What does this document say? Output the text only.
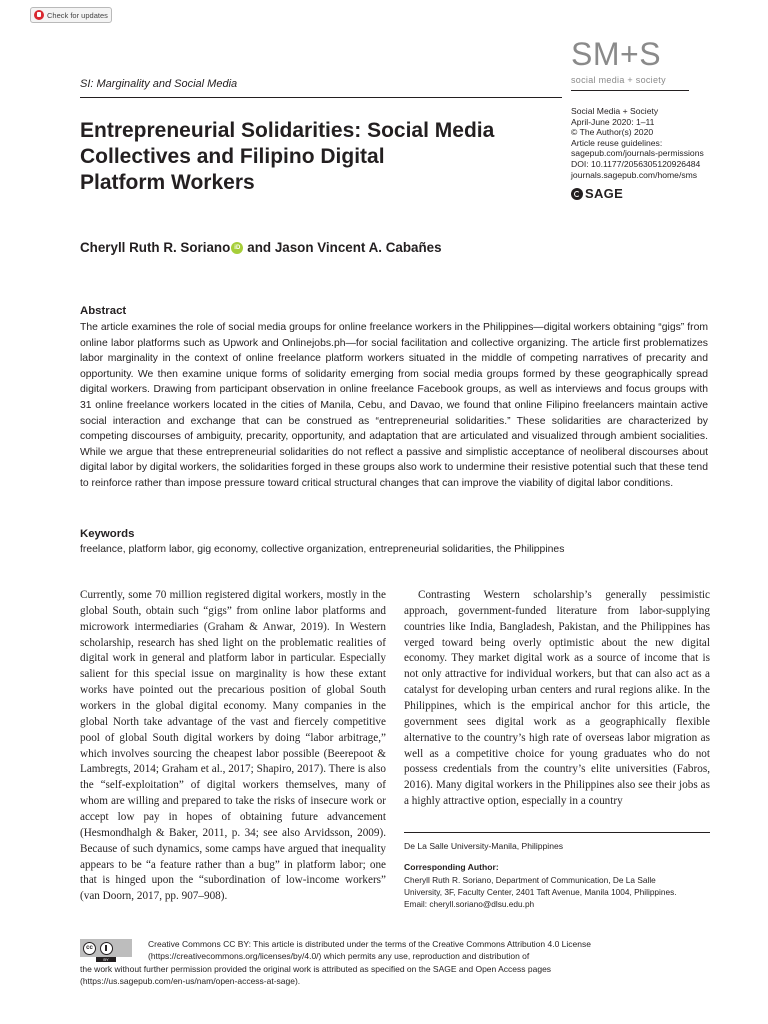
Check for updates
SM+S
social media + society
SI: Marginality and Social Media
Entrepreneurial Solidarities: Social Media
Collectives and Filipino Digital
Platform Workers
Social Media + Society
April-June 2020: 1–11
© The Author(s) 2020
Article reuse guidelines:
sagepub.com/journals-permissions
DOI: 10.1177/2056305120926484
journals.sagepub.com/home/sms
SAGE
Cheryll Ruth R. Soriano iD and Jason Vincent A. Cabañes
Abstract
The article examines the role of social media groups for online freelance workers in the Philippines—digital workers obtaining “gigs” from online labor platforms such as Upwork and Onlinejobs.ph—for social facilitation and collective organizing. The article first problematizes labor marginality in the context of online freelance platform workers situated in the middle of competing narratives of precarity and opportunity. We then examine unique forms of solidarity emerging from social media groups formed by these geographically spread digital workers. Drawing from participant observation in online freelance Facebook groups, as well as interviews and focus groups with 31 online freelance workers located in the cities of Manila, Cebu, and Davao, we found that online Filipino freelancers maintain active social interaction and exchange that can be construed as “entrepreneurial solidarities.” These solidarities are characterized by competing discourses of ambiguity, precarity, opportunity, and adaptation that are articulated and visualized through ambient socialities. While we argue that these entrepreneurial solidarities do not reflect a passive and simplistic acceptance of neoliberal discourses about digital labor by digital workers, the solidarities forged in these groups also work to undermine their resistive potential such that these tend to reinforce rather than impose pressure toward critical structural changes that can improve the viability of digital labor conditions.
Keywords
freelance, platform labor, gig economy, collective organization, entrepreneurial solidarities, the Philippines

Currently, some 70 million registered digital workers, mostly in the global South, obtain such “gigs” from online labor platforms and microwork intermediaries (Graham & Anwar, 2019). In Western scholarship, research has shed light on the problematic realities of digital work in general and platform labor in particular. Especially salient for this special issue on marginality is how these extant works have pointed out the precarious position of global South workers in the global digital economy. Many companies in the global North take advantage of the vast and fiercely competitive pool of global South digital workers by doing “labor arbitrage,” which involves sourcing the cheapest labor possible (Beerepoot & Lambregts, 2014; Graham et al., 2017; Shapiro, 2017). There is also the “self-exploitation” of digital workers themselves, many of whom are willing and prepared to take the risks of insecure work or accept low pay in hopes of obtaining future advancement (Hesmondhalgh & Baker, 2011, p. 34; see also Arvidsson, 2009). Because of such dynamics, some camps have argued that inequality appears to be “a feature rather than a bug” in platform labor; one that is hinged upon the “subordination of low-income workers” (van Doorn, 2017, pp. 907–908).

Contrasting Western scholarship’s generally pessimistic approach, government-funded literature from labor-supplying countries like India, Bangladesh, Pakistan, and the Philippines has verged toward being overly optimistic about the new digital economy. They market digital work as a source of income that is not only attractive for individual workers, but that can also act as a catalyst for developing urban centers and rural regions alike. In the Philippines, which is the empirical anchor for this article, the government sees digital work as a geographically flexible alternative to the country’s high rate of overseas labor migration as well as a competitive choice for young graduates who do not possess credentials from the country’s elite universities (Fabros, 2016). Many digital workers in the Philippines also see their jobs as a highly attractive option, especially in a country

De La Salle University-Manila, Philippines
Corresponding Author:
Cheryll Ruth R. Soriano, Department of Communication, De La Salle
University, 3F, Faculty Center, 2401 Taft Avenue, Manila 1004, Philippines.
Email: cheryll.soriano@dlsu.edu.ph
cc
BY
Creative Commons CC BY: This article is distributed under the terms of the Creative Commons Attribution 4.0 License
(https://creativecommons.org/licenses/by/4.0/) which permits any use, reproduction and distribution of
the work without further permission provided the original work is attributed as specified on the SAGE and Open Access pages
(https://us.sagepub.com/en-us/nam/open-access-at-sage).
